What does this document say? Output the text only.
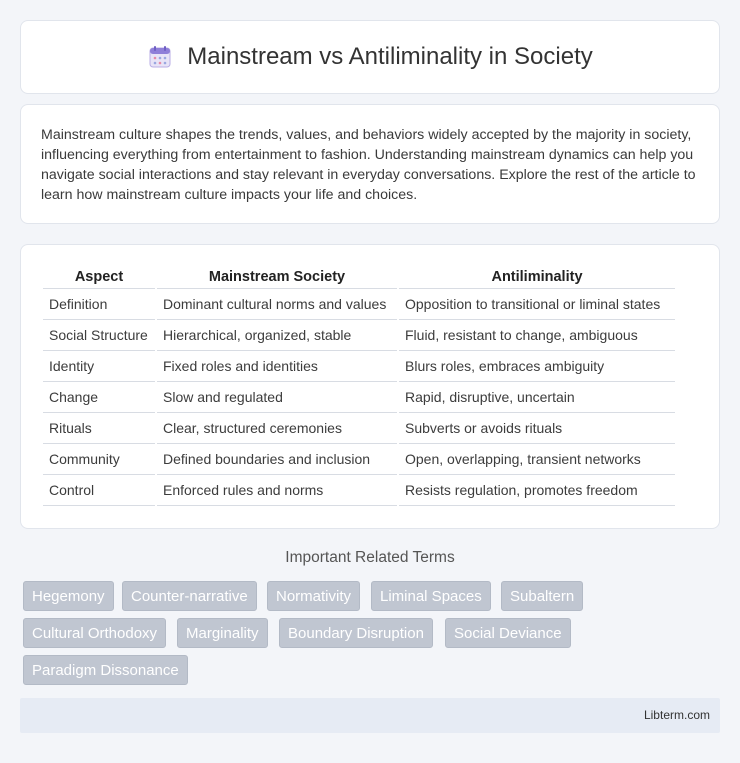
Mainstream vs Antiliminality in Society

Mainstream culture shapes the trends, values, and behaviors widely accepted by the majority in society, influencing everything from entertainment to fashion. Understanding mainstream dynamics can help you navigate social interactions and stay relevant in everyday conversations. Explore the rest of the article to learn how mainstream culture impacts your life and choices.

Aspect	Mainstream Society	Antiliminality
Definition	Dominant cultural norms and values	Opposition to transitional or liminal states
Social Structure	Hierarchical, organized, stable	Fluid, resistant to change, ambiguous
Identity	Fixed roles and identities	Blurs roles, embraces ambiguity
Change	Slow and regulated	Rapid, disruptive, uncertain
Rituals	Clear, structured ceremonies	Subverts or avoids rituals
Community	Defined boundaries and inclusion	Open, overlapping, transient networks
Control	Enforced rules and norms	Resists regulation, promotes freedom
Important Related Terms
Hegemony	Counter-narrative	Normativity	Liminal Spaces	Subaltern
Cultural Orthodoxy	Marginality	Boundary Disruption	Social Deviance
Paradigm Dissonance
Libterm.com
